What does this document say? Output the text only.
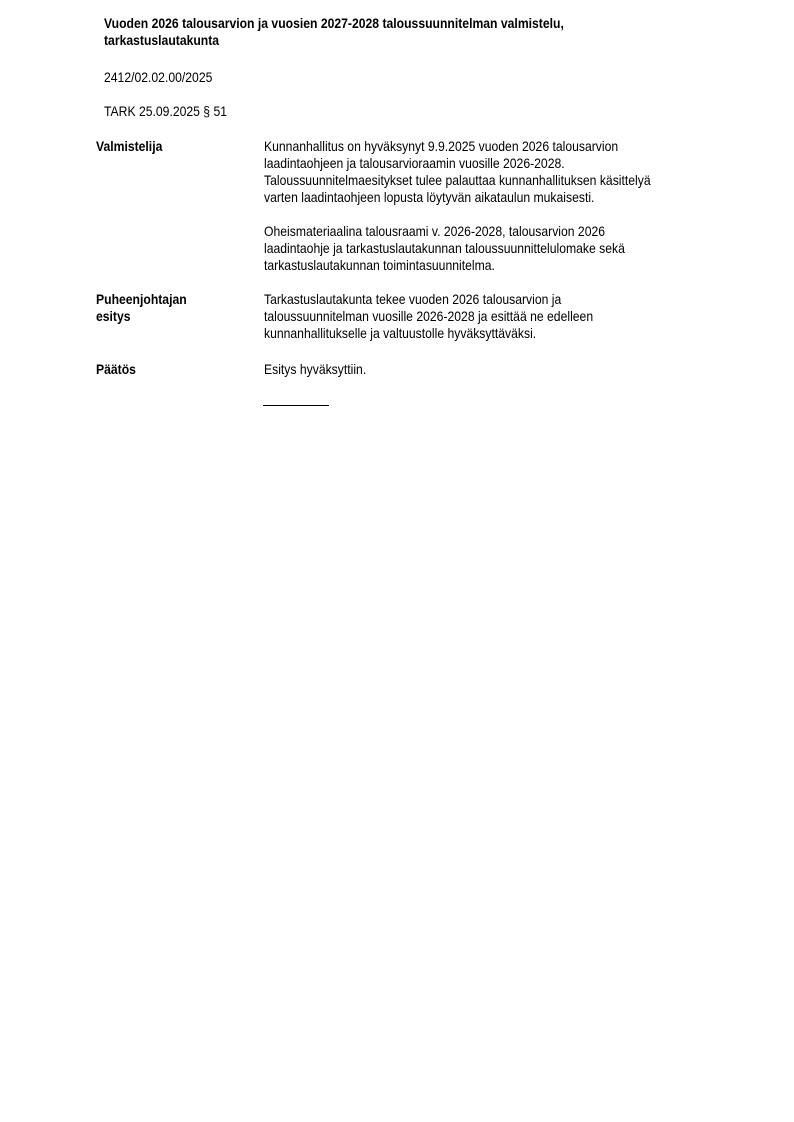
Vuoden 2026 talousarvion ja vuosien 2027-2028 taloussuunnitelman valmistelu,
tarkastuslautakunta
2412/02.02.00/2025
TARK 25.09.2025 § 51
Valmistelija	Kunnanhallitus on hyväksynyt 9.9.2025 vuoden 2026 talousarvion
laadintaohjeen ja talousarvioraamin vuosille 2026-2028.
Taloussuunnitelmaesitykset tulee palauttaa kunnanhallituksen käsittelyä
varten laadintaohjeen lopusta löytyvän aikataulun mukaisesti.
Oheismateriaalina talousraami v. 2026-2028, talousarvion 2026
laadintaohje ja tarkastuslautakunnan taloussuunnittelulomake sekä
tarkastuslautakunnan toimintasuunnitelma.
Puheenjohtajan
esitys
Tarkastuslautakunta tekee vuoden 2026 talousarvion ja
taloussuunnitelman vuosille 2026-2028 ja esittää ne edelleen
kunnanhallitukselle ja valtuustolle hyväksyttäväksi.
Päätös	Esitys hyväksyttiin.
